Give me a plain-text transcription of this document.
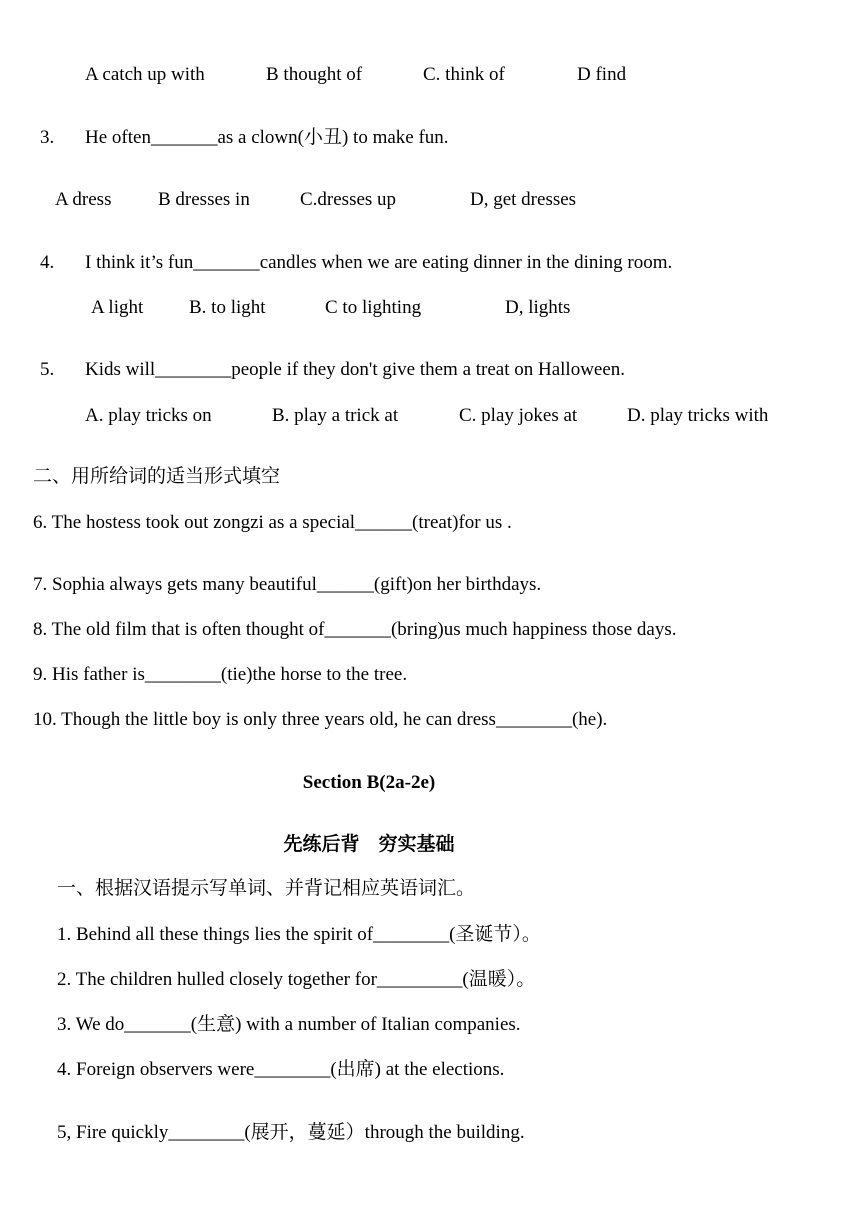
A catch up with	B thought of	C. think of	D find
3. He often_______as a clown(小丑) to make fun.
A dress B dresses in	C.dresses up	D, get dresses
4. I think it’s fun_______candles when we are eating dinner in the dining room.
A light B. to light	C to lighting	D, lights
5. Kids will________people if they don't give them a treat on Halloween.
A. play tricks on	B. play a trick at	C. play jokes at	D. play tricks with
二、用所给词的适当形式填空
6. The hostess took out zongzi as a special______(treat)for us .
7. Sophia always gets many beautiful______(gift)on her birthdays.
8. The old film that is often thought of_______(bring)us much happiness those days.
9. His father is________(tie)the horse to the tree.
10. Though the little boy is only three years old, he can dress________(he).
Section B(2a-2e)
先练后背    穷实基础
一、根据汉语提示写单词、并背记相应英语词汇。
1. Behind all these things lies the spirit of________(圣诞节）。
2. The children hulled closely together for_________(温暖）。
3. We do_______(生意) with a number of Italian companies.
4. Foreign observers were________(出席) at the elections.
5, Fire quickly________(展开，蔓延）through the building.
